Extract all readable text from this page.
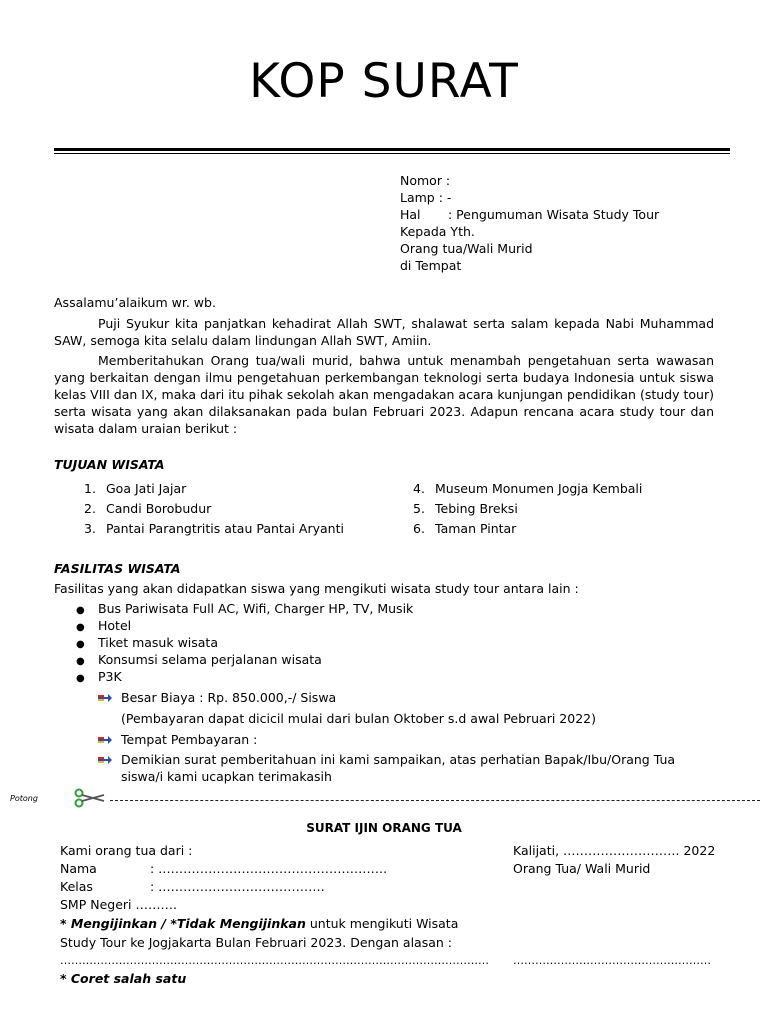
KOP SURAT
Nomor :
Lamp : -
Hal : Pengumuman Wisata Study Tour
Kepada Yth.
Orang tua/Wali Murid
di Tempat
Assalamu’alaikum wr. wb.
Puji Syukur kita panjatkan kehadirat Allah SWT, shalawat serta salam kepada Nabi Muhammad SAW, semoga kita selalu dalam lindungan Allah SWT, Amiin.
Memberitahukan Orang tua/wali murid, bahwa untuk menambah pengetahuan serta wawasan yang berkaitan dengan ilmu pengetahuan perkembangan teknologi serta budaya Indonesia untuk siswa kelas VIII dan IX, maka dari itu pihak sekolah akan mengadakan acara kunjungan pendidikan (study tour) serta wisata yang akan dilaksanakan pada bulan Februari 2023. Adapun rencana acara study tour dan wisata dalam uraian berikut :
TUJUAN WISATA
1. Goa Jati Jajar
2. Candi Borobudur
3. Pantai Parangtritis atau Pantai Aryanti
4. Museum Monumen Jogja Kembali
5. Tebing Breksi
6. Taman Pintar
FASILITAS WISATA
Fasilitas yang akan didapatkan siswa yang mengikuti wisata study tour antara lain :
● Bus Pariwisata Full AC, Wifi, Charger HP, TV, Musik
● Hotel
● Tiket masuk wisata
● Konsumsi selama perjalanan wisata
● P3K
Besar Biaya : Rp. 850.000,-/ Siswa
(Pembayaran dapat dicicil mulai dari bulan Oktober s.d awal Pebruari 2022)
Tempat Pembayaran :
Demikian surat pemberitahuan ini kami sampaikan, atas perhatian Bapak/Ibu/Orang Tua
siswa/i kami ucapkan terimakasih
Potong
SURAT IJIN ORANG TUA
Kami orang tua dari :
Nama	: ……………………………………………….
Kelas	: ………………………………….
SMP Negeri ……….
* Mengijinkan / *Tidak Mengijinkan untuk mengikuti Wisata
Study Tour ke Jogjakarta Bulan Februari 2023. Dengan alasan :
………………………………………………………………………………………………………
* Coret salah satu
Kalijati, ………………………. 2022
Orang Tua/ Wali Murid
………………………………………………
